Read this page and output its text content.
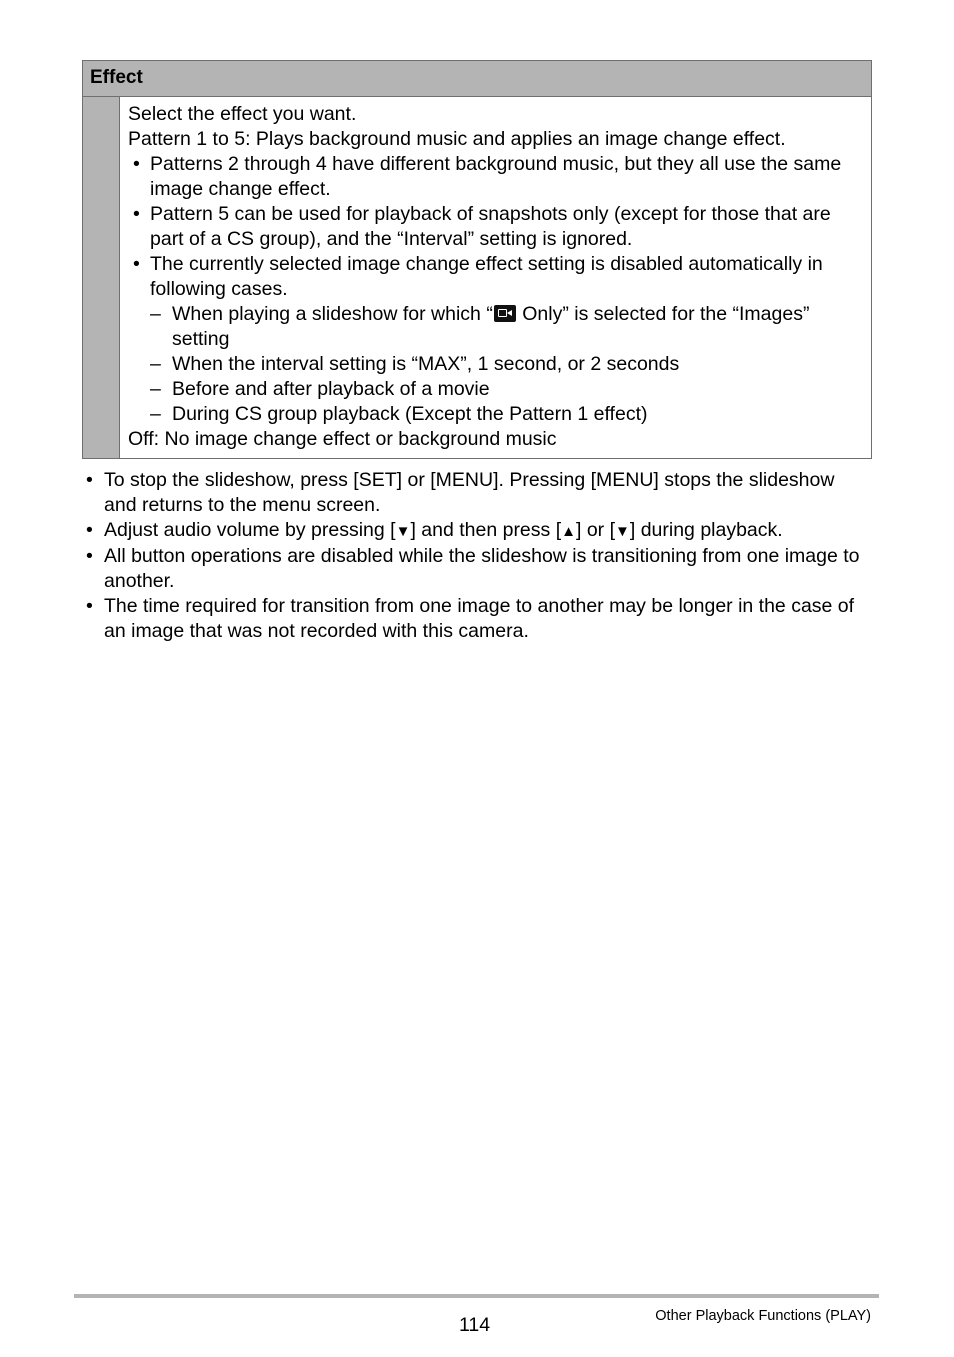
Effect

Select the effect you want.

Pattern 1 to 5: Plays background music and applies an image change effect.

• Patterns 2 through 4 have different background music, but they all use the same image change effect.
• Pattern 5 can be used for playback of snapshots only (except for those that are part of a CS group), and the “Interval” setting is ignored.
• The currently selected image change effect setting is disabled automatically in following cases.
– When playing a slideshow for which “ Only” is selected for the “Images” setting
– When the interval setting is “MAX”, 1 second, or 2 seconds
– Before and after playback of a movie
– During CS group playback (Except the Pattern 1 effect)

Off: No image change effect or background music

• To stop the slideshow, press [SET] or [MENU]. Pressing [MENU] stops the slideshow and returns to the menu screen.
• Adjust audio volume by pressing [▼] and then press [▲] or [▼] during playback.
• All button operations are disabled while the slideshow is transitioning from one image to another.
• The time required for transition from one image to another may be longer in the case of an image that was not recorded with this camera.
114	Other Playback Functions (PLAY)
